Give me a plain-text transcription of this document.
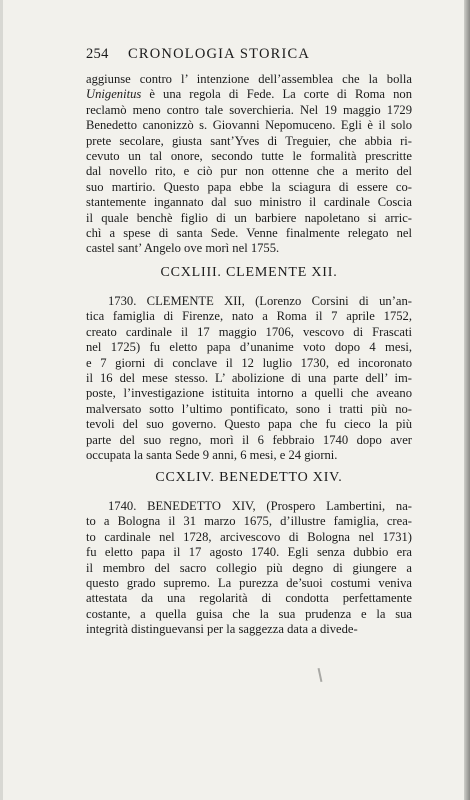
254 CRONOLOGIA STORICA
aggiunse contro l’ intenzione dell’assemblea che la bolla
Unigenitus è una regola di Fede. La corte di Roma non
reclamò meno contro tale soverchieria. Nel 19 maggio 1729
Benedetto canonizzò s. Giovanni Nepomuceno. Egli è il solo
prete secolare, giusta sant’Yves di Treguier, che abbia ri-
cevuto un tal onore, secondo tutte le formalità prescritte
dal novello rito, e ciò pur non ottenne che a merito del
suo martirio. Questo papa ebbe la sciagura di essere co-
stantemente ingannato dal suo ministro il cardinale Coscia
il quale benchè figlio di un barbiere napoletano si arric-
chì a spese di santa Sede. Venne finalmente relegato nel
castel sant’ Angelo ove morì nel 1755.
CCXLIII. CLEMENTE XII.
1730. CLEMENTE XII, (Lorenzo Corsini di un’an-
tica famiglia di Firenze, nato a Roma il 7 aprile 1752,
creato cardinale il 17 maggio 1706, vescovo di Frascati
nel 1725) fu eletto papa d’unanime voto dopo 4 mesi,
e 7 giorni di conclave il 12 luglio 1730, ed incoronato
il 16 del mese stesso. L’ abolizione di una parte dell’ im-
poste, l’investigazione istituita intorno a quelli che aveano
malversato sotto l’ultimo pontificato, sono i tratti più no-
tevoli del suo governo. Questo papa che fu cieco la più
parte del suo regno, morì il 6 febbraio 1740 dopo aver
occupata la santa Sede 9 anni, 6 mesi, e 24 giorni.
CCXLIV. BENEDETTO XIV.
1740. BENEDETTO XIV, (Prospero Lambertini, na-
to a Bologna il 31 marzo 1675, d’illustre famiglia, crea-
to cardinale nel 1728, arcivescovo di Bologna nel 1731)
fu eletto papa il 17 agosto 1740. Egli senza dubbio era
il membro del sacro collegio più degno di giungere a
questo grado supremo. La purezza de’suoi costumi veniva
attestata da una regolarità di condotta perfettamente
costante, a quella guisa che la sua prudenza e la sua
integrità distinguevansi per la saggezza data a divede-
